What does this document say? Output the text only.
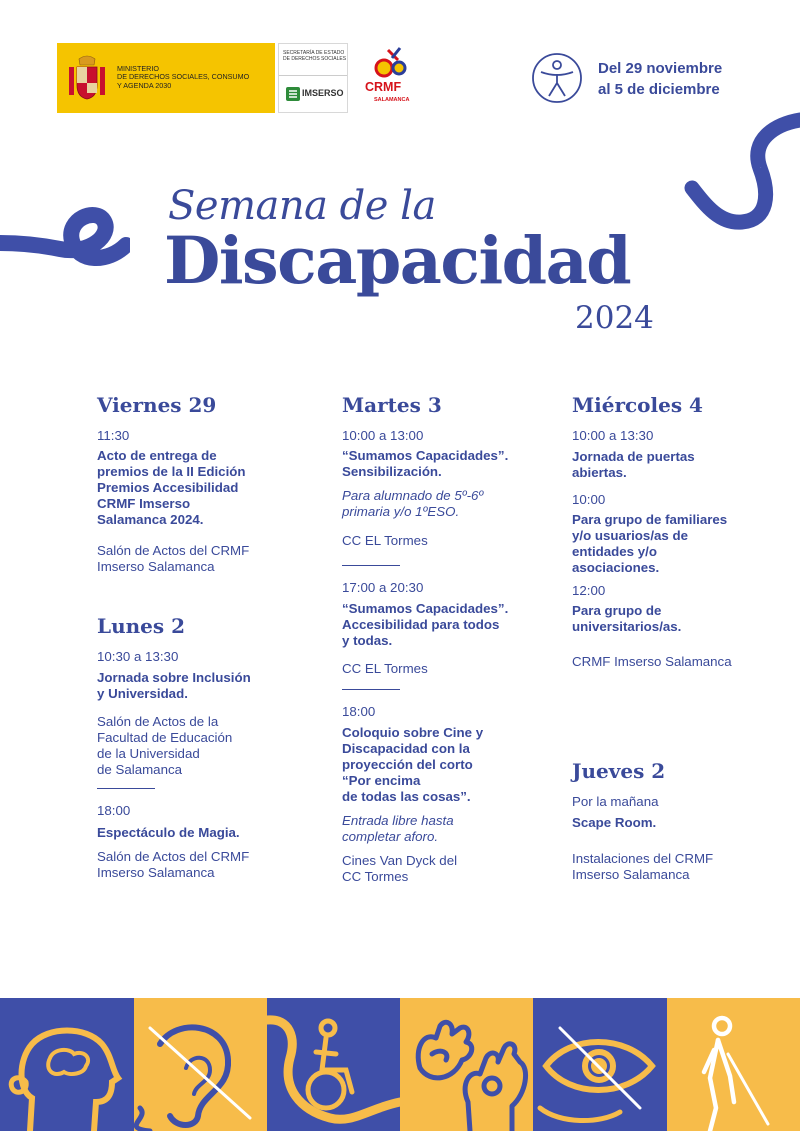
MINISTERIO
DE DERECHOS SOCIALES, CONSUMO
Y AGENDA 2030
SECRETARÍA DE ESTADO
DE DERECHOS SOCIALES
IMSERSO CRMF
SALAMANCA
Del 29 noviembre
al 5 de diciembre
Semana de la
Discapacidad
2024
Viernes 29
11:30
Acto de entrega de
premios de la II Edición
Premios Accesibilidad
CRMF Imserso
Salamanca 2024.
Salón de Actos del CRMF
Imserso Salamanca
Lunes 2
10:30 a 13:30
Jornada sobre Inclusión
y Universidad.
Salón de Actos de la
Facultad de Educación
de la Universidad
de Salamanca
18:00
Espectáculo de Magia.
Salón de Actos del CRMF
Imserso Salamanca
Martes 3
10:00 a 13:00
“Sumamos Capacidades”.
Sensibilización.
Para alumnado de 5º-6º
primaria y/o 1ºESO.
CC EL Tormes
17:00 a 20:30
“Sumamos Capacidades”.
Accesibilidad para todos
y todas.
CC EL Tormes
18:00
Coloquio sobre Cine y
Discapacidad con la
proyección del corto
“Por encima
de todas las cosas”.
Entrada libre hasta
completar aforo.
Cines Van Dyck del
CC Tormes
Miércoles 4
10:00 a 13:30
Jornada de puertas
abiertas.
10:00
Para grupo de familiares
y/o usuarios/as de
entidades y/o
asociaciones.
12:00
Para grupo de
universitarios/as.
CRMF Imserso Salamanca
Jueves 2
Por la mañana
Scape Room.
Instalaciones del CRMF
Imserso Salamanca
